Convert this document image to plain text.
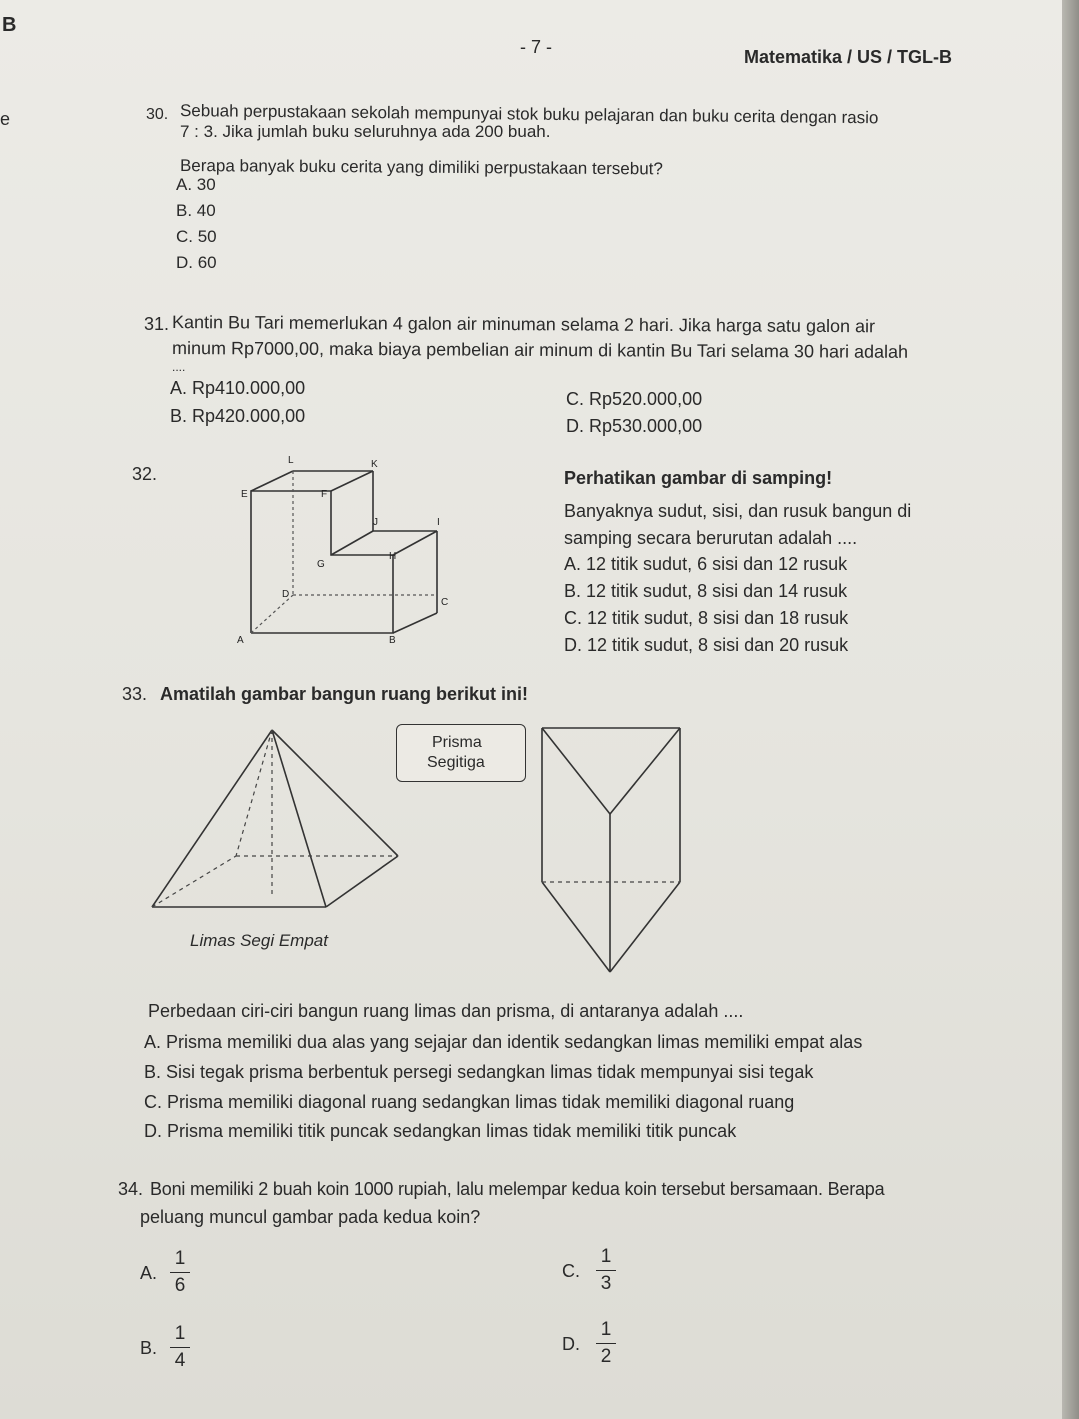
B
- 7 -	Matematika / US / TGL-B
e	30. Sebuah perpustakaan sekolah mempunyai stok buku pelajaran dan buku cerita dengan rasio
7 : 3. Jika jumlah buku seluruhnya ada 200 buah.
Berapa banyak buku cerita yang dimiliki perpustakaan tersebut?
A. 30
B. 40
C. 50
D. 60
31. Kantin Bu Tari memerlukan 4 galon air minuman selama 2 hari. Jika harga satu galon air
minum Rp7000,00, maka biaya pembelian air minum di kantin Bu Tari selama 30 hari adalah
....
A. Rp410.000,00
B. Rp420.000,00
C. Rp520.000,00
D. Rp530.000,00
32.	Perhatikan gambar di samping!
Banyaknya sudut, sisi, dan rusuk bangun di
samping secara berurutan adalah ....
A. 12 titik sudut, 6 sisi dan 12 rusuk
B. 12 titik sudut, 8 sisi dan 14 rusuk
C. 12 titik sudut, 8 sisi dan 18 rusuk
D. 12 titik sudut, 8 sisi dan 20 rusuk
L	K
E	F
J	I
G
H
D
C
A	B
33. Amatilah gambar bangun ruang berikut ini!
Limas Segi Empat
Prisma
Segitiga
Perbedaan ciri-ciri bangun ruang limas dan prisma, di antaranya adalah ....
A. Prisma memiliki dua alas yang sejajar dan identik sedangkan limas memiliki empat alas
B. Sisi tegak prisma berbentuk persegi sedangkan limas tidak mempunyai sisi tegak
C. Prisma memiliki diagonal ruang sedangkan limas tidak memiliki diagonal ruang
D. Prisma memiliki titik puncak sedangkan limas tidak memiliki titik puncak
34. Boni memiliki 2 buah koin 1000 rupiah, lalu melempar kedua koin tersebut bersamaan. Berapa
peluang muncul gambar pada kedua koin?
A.
1
6
B.
1
4
C.
1
3
D.
1
2
